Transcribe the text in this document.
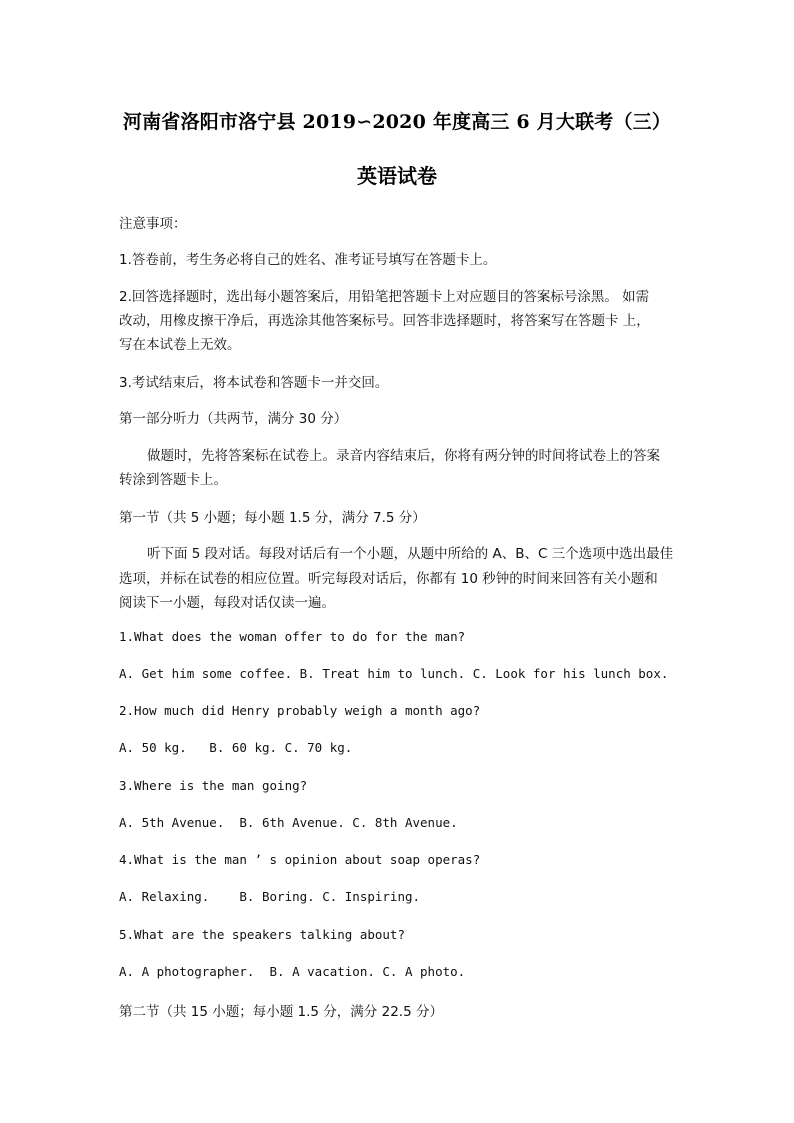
河南省洛阳市洛宁县 2019∽2020 年度高三 6 月大联考（三）
英语试卷
注意事项：
1.答卷前，考生务必将自己的姓名、准考证号填写在答题卡上。
2.回答选择题时，选出每小题答案后，用铅笔把答题卡上对应题目的答案标号涂黑。 如需
改动，用橡皮擦干净后，再选涂其他答案标号。回答非选择题时，将答案写在答题卡 上，
写在本试卷上无效。
3.考试结束后，将本试卷和答题卡一并交回。
第一部分听力（共两节，满分 30 分）
做题时，先将答案标在试卷上。录音内容结束后，你将有两分钟的时间将试卷上的答案
转涂到答题卡上。
第一节（共 5 小题；每小题 1.5 分，满分 7.5 分）
听下面 5 段对话。每段对话后有一个小题，从题中所给的 A、B、C 三个选项中选出最佳
选项，并标在试卷的相应位置。听完每段对话后，你都有 10 秒钟的时间来回答有关小题和
阅读下一小题，每段对话仅读一遍。
1.What does the woman offer to do for the man?
A. Get him some coffee. B. Treat him to lunch. C. Look for his lunch box.
2.How much did Henry probably weigh a month ago?
A. 50 kg.   B. 60 kg. C. 70 kg.
3.Where is the man going?
A. 5th Avenue.  B. 6th Avenue. C. 8th Avenue.
4.What is the man ’ s opinion about soap operas?
A. Relaxing.    B. Boring. C. Inspiring.
5.What are the speakers talking about?
A. A photographer.  B. A vacation. C. A photo.
第二节（共 15 小题；每小题 1.5 分，满分 22.5 分）
